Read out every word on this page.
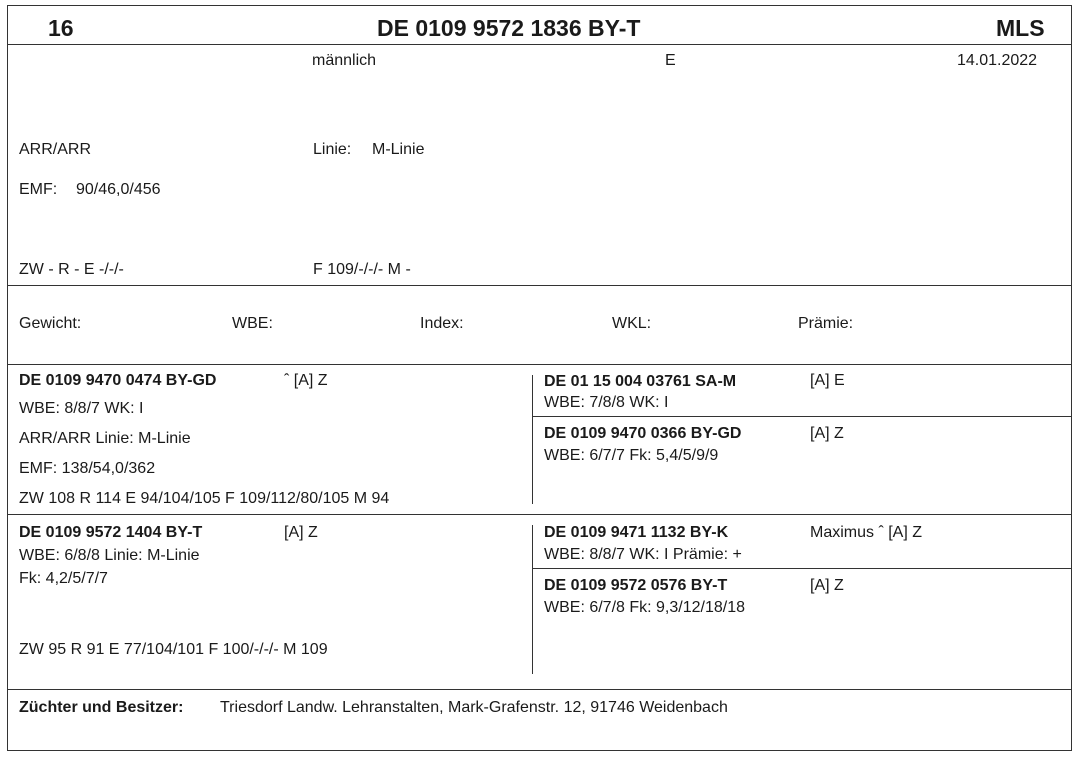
16	DE 0109 9572 1836 BY-T	MLS
männlich	E	14.01.2022
ARR/ARR	Linie: M-Linie
EMF: 90/46,0/456
ZW - R - E -/-/-	F 109/-/-/- M -
Gewicht:	WBE:	Index:	WKL:	Prämie:
DE 0109 9470 0474 BY-GD	ˆ [A] Z
WBE: 8/8/7 WK: I
ARR/ARR Linie: M-Linie
EMF: 138/54,0/362
ZW 108 R 114 E 94/104/105 F 109/112/80/105 M 94
DE 01 15 004 03761 SA-M	[A] E
WBE: 7/8/8 WK: I
DE 0109 9470 0366 BY-GD	[A] Z
WBE: 6/7/7 Fk: 5,4/5/9/9
DE 0109 9572 1404 BY-T	[A] Z
WBE: 6/8/8 Linie: M-Linie
Fk: 4,2/5/7/7
ZW 95 R 91 E 77/104/101 F 100/-/-/- M 109
DE 0109 9471 1132 BY-K	Maximus ˆ [A] Z
WBE: 8/8/7 WK: I Prämie: +
DE 0109 9572 0576 BY-T	[A] Z
WBE: 6/7/8 Fk: 9,3/12/18/18
Züchter und Besitzer: Triesdorf Landw. Lehranstalten, Mark-Grafenstr. 12, 91746 Weidenbach
